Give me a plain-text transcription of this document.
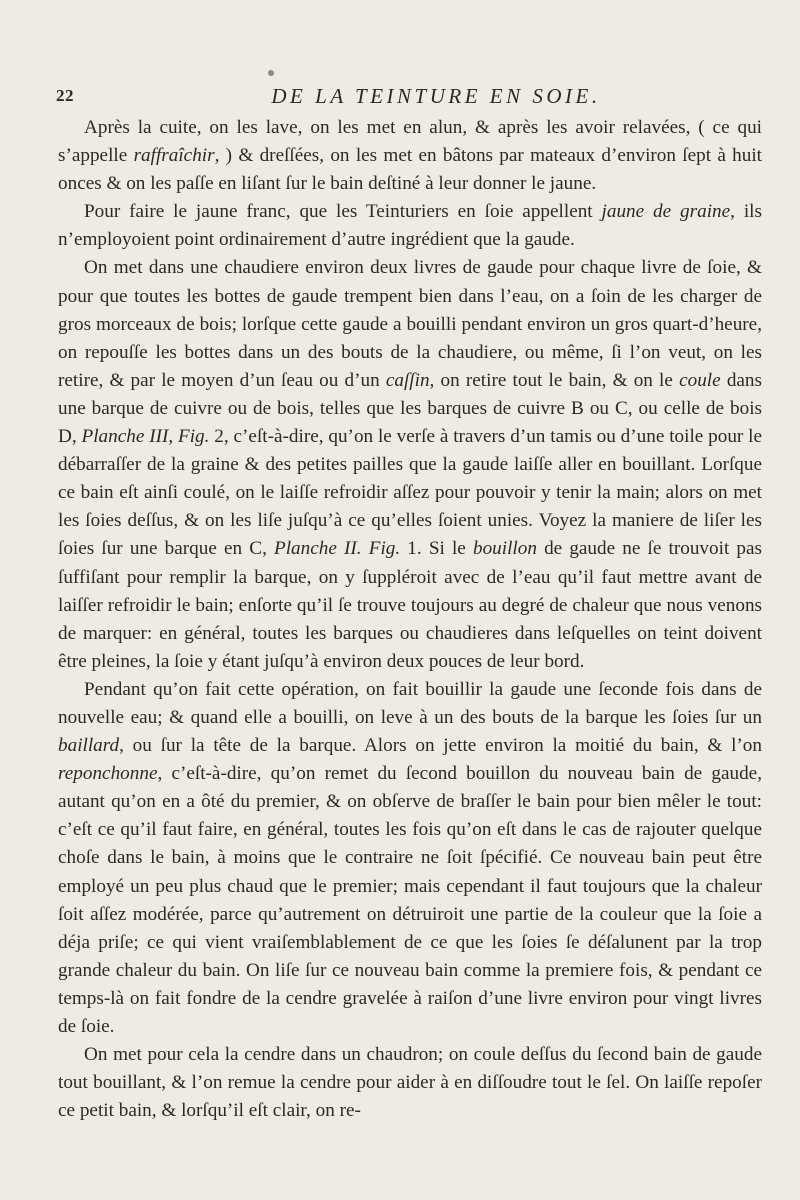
22	DE LA TEINTURE EN SOIE.

Après la cuite, on les lave, on les met en alun, & après les avoir relavées, ( ce qui s’appelle raffraîchir, ) & dreſſées, on les met en bâtons par mateaux d’environ ſept à huit onces & on les paſſe en liſant ſur le bain deſtiné à leur donner le jaune.

Pour faire le jaune franc, que les Teinturiers en ſoie appellent jaune de graine, ils n’employoient point ordinairement d’autre ingrédient que la gaude.

On met dans une chaudiere environ deux livres de gaude pour chaque livre de ſoie, & pour que toutes les bottes de gaude trempent bien dans l’eau, on a ſoin de les charger de gros morceaux de bois; lorſque cette gaude a bouilli pendant environ un gros quart-d’heure, on repouſſe les bottes dans un des bouts de la chaudiere, ou même, ſi l’on veut, on les retire, & par le moyen d’un ſeau ou d’un caſſin, on retire tout le bain, & on le coule dans une barque de cuivre ou de bois, telles que les barques de cuivre B ou C, ou celle de bois D, Planche III, Fig. 2, c’eſt-à-dire, qu’on le verſe à travers d’un tamis ou d’une toile pour le débarraſſer de la graine & des petites pailles que la gaude laiſſe aller en bouillant. Lorſque ce bain eſt ainſi coulé, on le laiſſe refroidir aſſez pour pouvoir y tenir la main; alors on met les ſoies deſſus, & on les liſe juſqu’à ce qu’elles ſoient unies. Voyez la maniere de liſer les ſoies ſur une barque en C, Planche II. Fig. 1. Si le bouillon de gaude ne ſe trouvoit pas ſuffiſant pour remplir la barque, on y ſuppléroit avec de l’eau qu’il faut mettre avant de laiſſer refroidir le bain; enſorte qu’il ſe trouve toujours au degré de chaleur que nous venons de marquer: en général, toutes les barques ou chaudieres dans leſquelles on teint doivent être pleines, la ſoie y étant juſqu’à environ deux pouces de leur bord.

Pendant qu’on fait cette opération, on fait bouillir la gaude une ſeconde fois dans de nouvelle eau; & quand elle a bouilli, on leve à un des bouts de la barque les ſoies ſur un baillard, ou ſur la tête de la barque. Alors on jette environ la moitié du bain, & l’on reponchonne, c’eſt-à-dire, qu’on remet du ſecond bouillon du nouveau bain de gaude, autant qu’on en a ôté du premier, & on obſerve de braſſer le bain pour bien mêler le tout: c’eſt ce qu’il faut faire, en général, toutes les fois qu’on eſt dans le cas de rajouter quelque choſe dans le bain, à moins que le contraire ne ſoit ſpécifié. Ce nouveau bain peut être employé un peu plus chaud que le premier; mais cependant il faut toujours que la chaleur ſoit aſſez modérée, parce qu’autrement on détruiroit une partie de la couleur que la ſoie a déja priſe; ce qui vient vraiſemblablement de ce que les ſoies ſe déſalunent par la trop grande chaleur du bain. On liſe ſur ce nouveau bain comme la premiere fois, & pendant ce temps-là on fait fondre de la cendre gravelée à raiſon d’une livre environ pour vingt livres de ſoie.

On met pour cela la cendre dans un chaudron; on coule deſſus du ſecond bain de gaude tout bouillant, & l’on remue la cendre pour aider à en diſſoudre tout le ſel. On laiſſe repoſer ce petit bain, & lorſqu’il eſt clair, on re-
